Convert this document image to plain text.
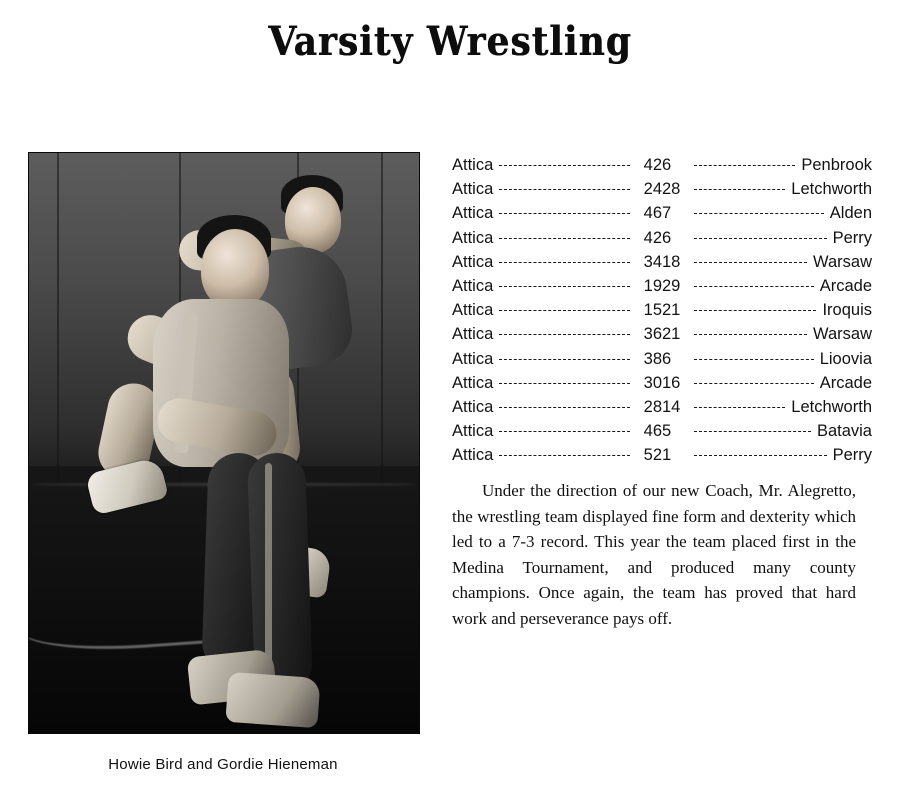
Varsity Wrestling
Howie Bird and Gordie Hieneman
Attica	42 6	Penbrook
Attica	24 28	Letchworth
Attica	46 7	Alden
Attica	42 6	Perry
Attica	34 18	Warsaw
Attica	19 29	Arcade
Attica	15 21	Iroquis
Attica	36 21	Warsaw
Attica	38 6	Lioovia
Attica	30 16	Arcade
Attica	28 14	Letchworth
Attica	46 5	Batavia
Attica	52 1	Perry
Under the direction of our new Coach, Mr. Alegretto, the wrestling team displayed fine form and dexterity which led to a 7-3 record. This year the team placed first in the Medina Tournament, and produced many county champions. Once again, the team has proved that hard work and perseverance pays off.
